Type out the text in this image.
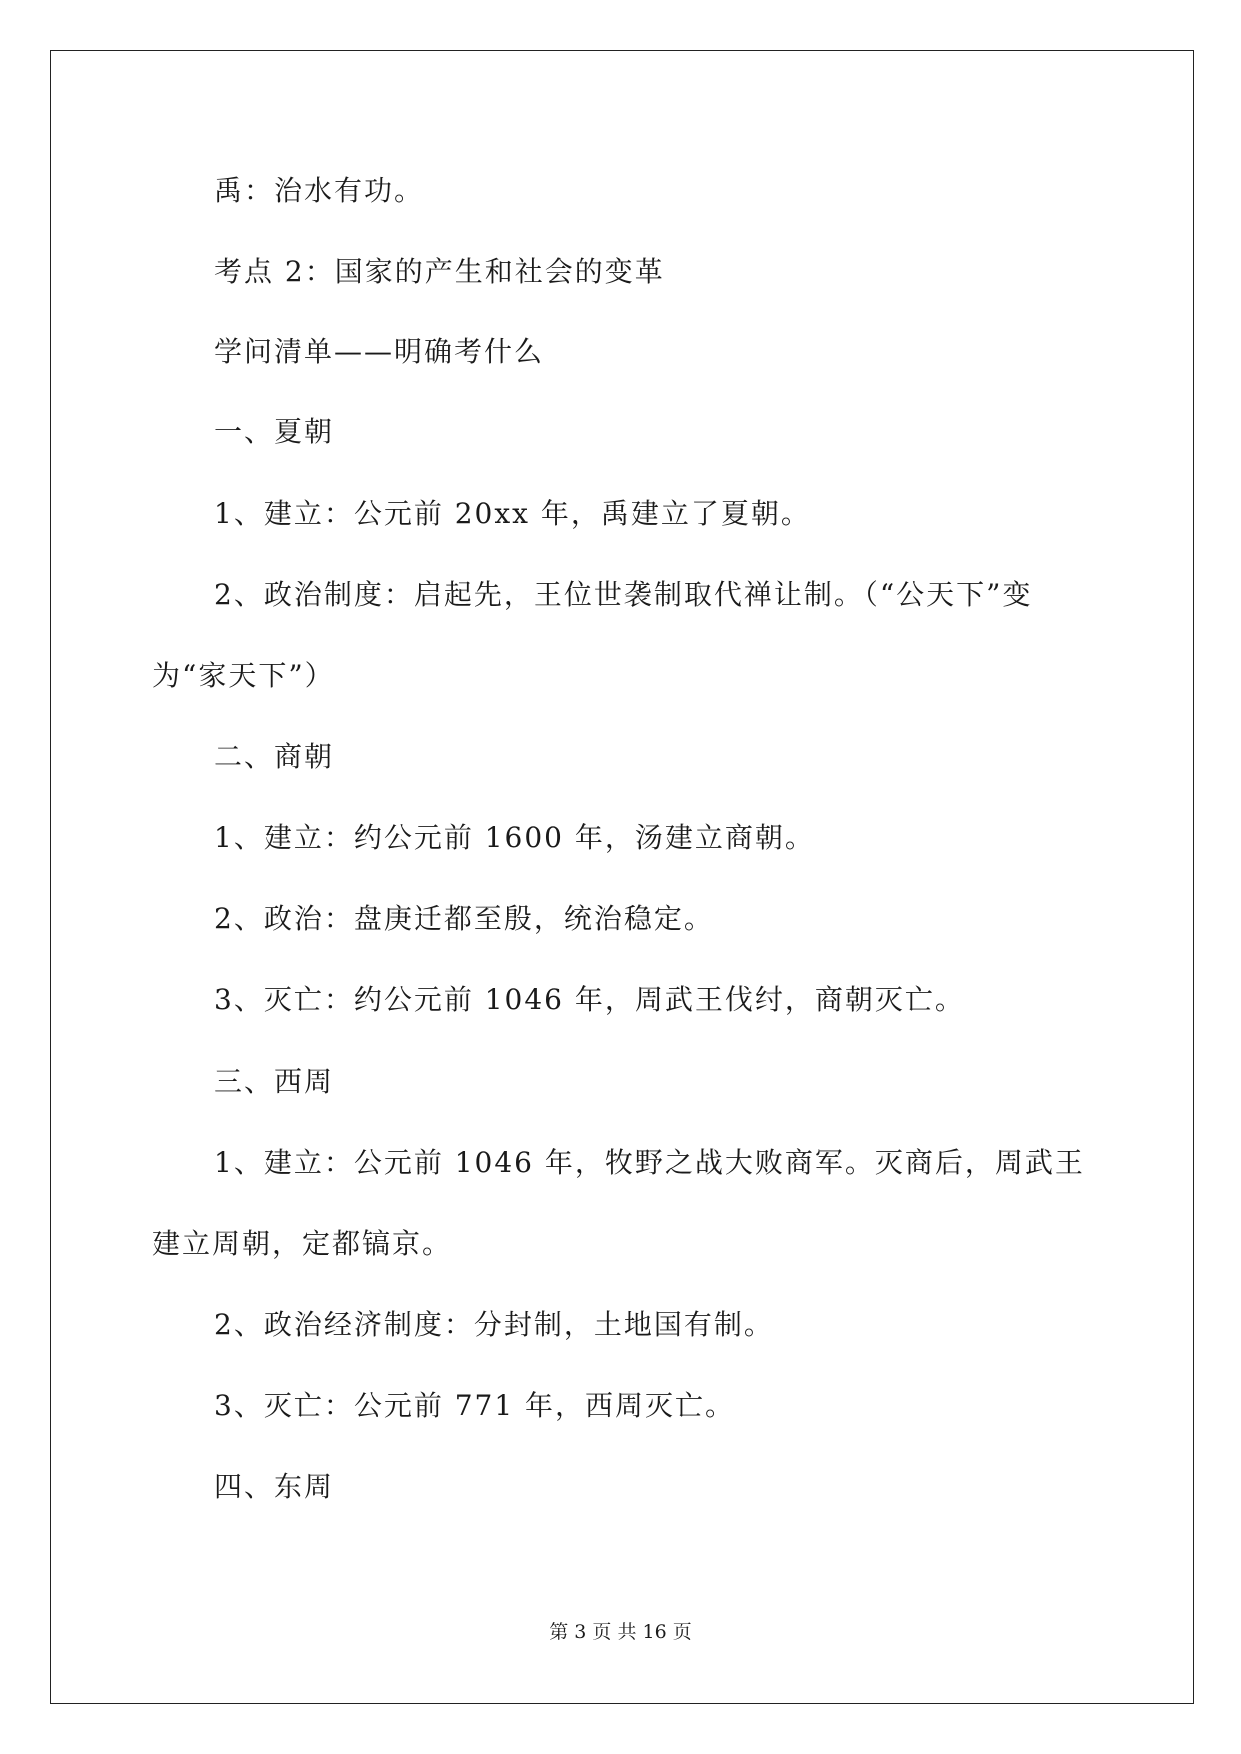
禹：治水有功。
考点 2：国家的产生和社会的变革
学问清单——明确考什么
一、夏朝
1、建立：公元前 20xx 年，禹建立了夏朝。
2、政治制度：启起先，王位世袭制取代禅让制。（“公天下”变
为“家天下”）
二、商朝
1、建立：约公元前 1600 年，汤建立商朝。
2、政治：盘庚迁都至殷，统治稳定。
3、灭亡：约公元前 1046 年，周武王伐纣，商朝灭亡。
三、西周
1、建立：公元前 1046 年，牧野之战大败商军。灭商后，周武王
建立周朝，定都镐京。
2、政治经济制度：分封制，土地国有制。
3、灭亡：公元前 771 年，西周灭亡。
四、东周
第 3 页 共 16 页
